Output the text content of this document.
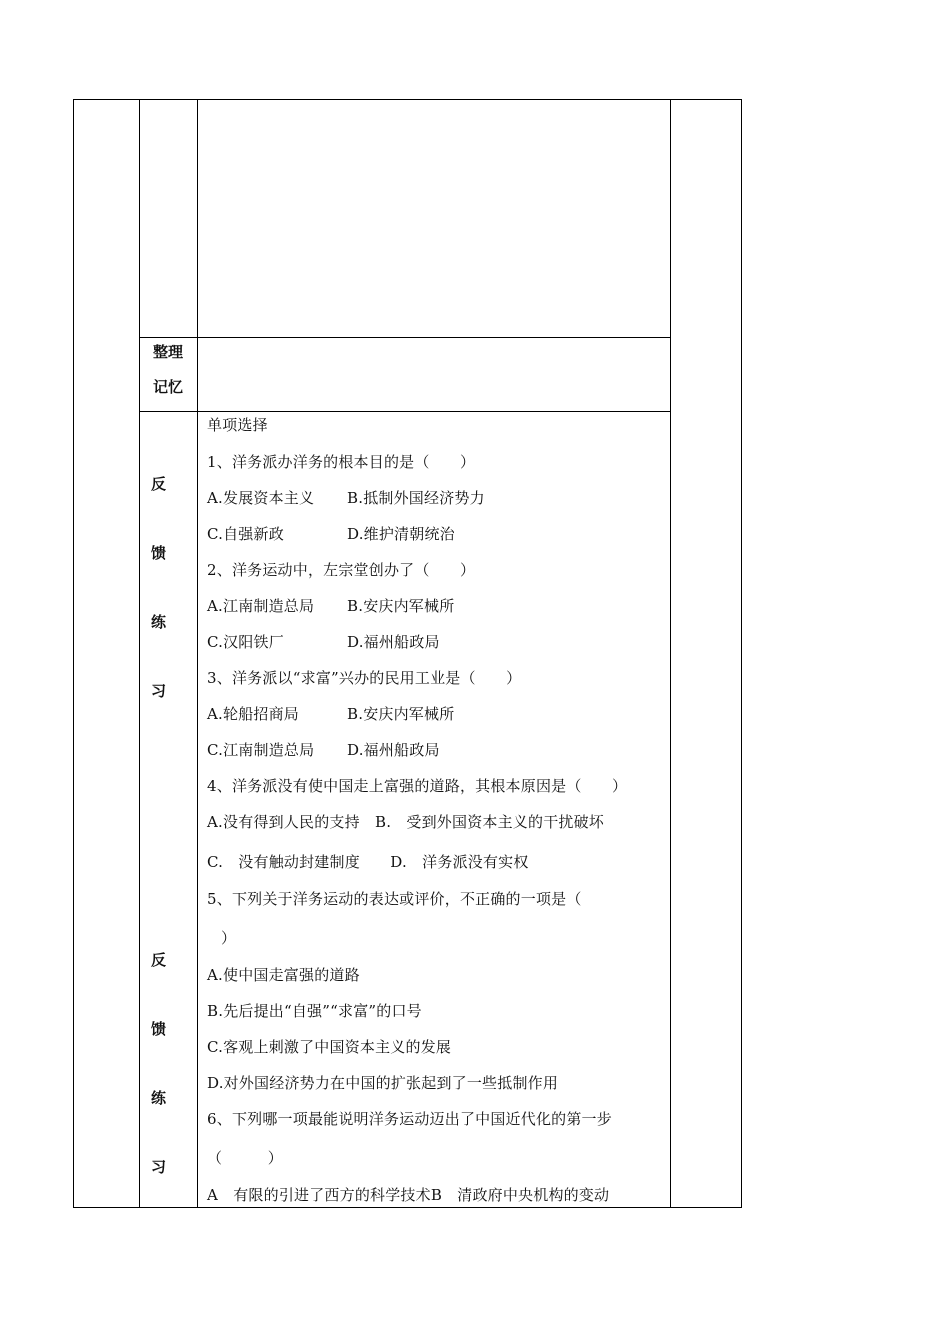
整理
记忆
反
馈
练
习
反
馈
练
习
单项选择
1、洋务派办洋务的根本目的是（　　）
A.发展资本主义 B.抵制外国经济势力
C.自强新政	D.维护清朝统治
2、洋务运动中，左宗堂创办了（　　）
A.江南制造总局 B.安庆内军械所
C.汉阳铁厂	D.福州船政局
3、洋务派以“求富”兴办的民用工业是（　　）
A.轮船招商局	B.安庆内军械所
C.江南制造总局 D.福州船政局
4、洋务派没有使中国走上富强的道路，其根本原因是（　　）
A.没有得到人民的支持　B.　受到外国资本主义的干扰破坏
C.　没有触动封建制度　　D.　洋务派没有实权
5、下列关于洋务运动的表达或评价，不正确的一项是（
）
A.使中国走富强的道路
B.先后提出“自强”“求富”的口号
C.客观上刺激了中国资本主义的发展
D.对外国经济势力在中国的扩张起到了一些抵制作用
6、下列哪一项最能说明洋务运动迈出了中国近代化的第一步
（　　　）
A　有限的引进了西方的科学技术B　清政府中央机构的变动
